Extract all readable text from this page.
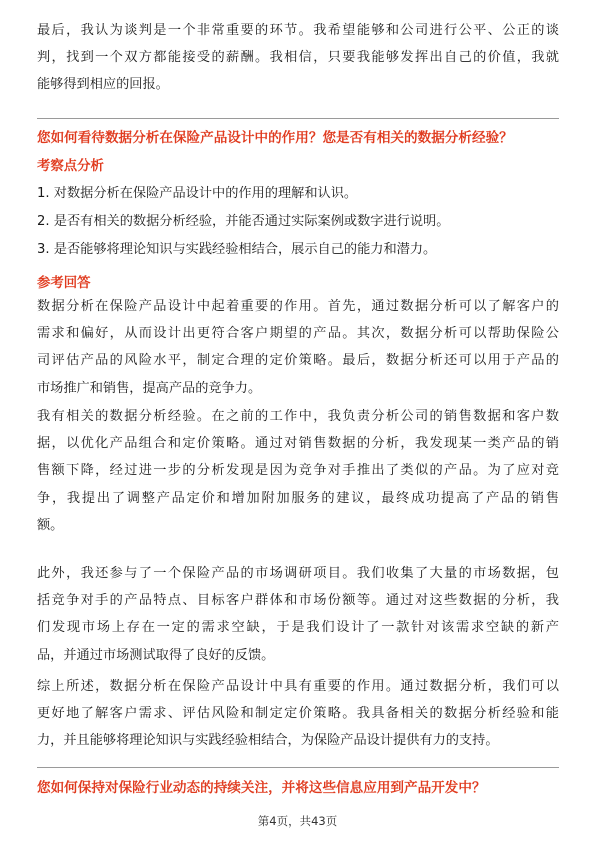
最后，我认为谈判是一个非常重要的环节。我希望能够和公司进行公平、公正的谈
判，找到一个双方都能接受的薪酬。我相信，只要我能够发挥出自己的价值，我就
能够得到相应的回报。

您如何看待数据分析在保险产品设计中的作用？您是否有相关的数据分析经验？

考察点分析

1. 对数据分析在保险产品设计中的作用的理解和认识。

2. 是否有相关的数据分析经验，并能否通过实际案例或数字进行说明。

3. 是否能够将理论知识与实践经验相结合，展示自己的能力和潜力。

参考回答

数据分析在保险产品设计中起着重要的作用。首先，通过数据分析可以了解客户的
需求和偏好，从而设计出更符合客户期望的产品。其次，数据分析可以帮助保险公
司评估产品的风险水平，制定合理的定价策略。最后，数据分析还可以用于产品的
市场推广和销售，提高产品的竞争力。
我有相关的数据分析经验。在之前的工作中，我负责分析公司的销售数据和客户数
据，以优化产品组合和定价策略。通过对销售数据的分析，我发现某一类产品的销
售额下降，经过进一步的分析发现是因为竞争对手推出了类似的产品。为了应对竞
争，我提出了调整产品定价和增加附加服务的建议，最终成功提高了产品的销售
额。
此外，我还参与了一个保险产品的市场调研项目。我们收集了大量的市场数据，包
括竞争对手的产品特点、目标客户群体和市场份额等。通过对这些数据的分析，我
们发现市场上存在一定的需求空缺，于是我们设计了一款针对该需求空缺的新产
品，并通过市场测试取得了良好的反馈。
综上所述，数据分析在保险产品设计中具有重要的作用。通过数据分析，我们可以
更好地了解客户需求、评估风险和制定定价策略。我具备相关的数据分析经验和能
力，并且能够将理论知识与实践经验相结合，为保险产品设计提供有力的支持。

您如何保持对保险行业动态的持续关注，并将这些信息应用到产品开发中？

第4页，共43页
